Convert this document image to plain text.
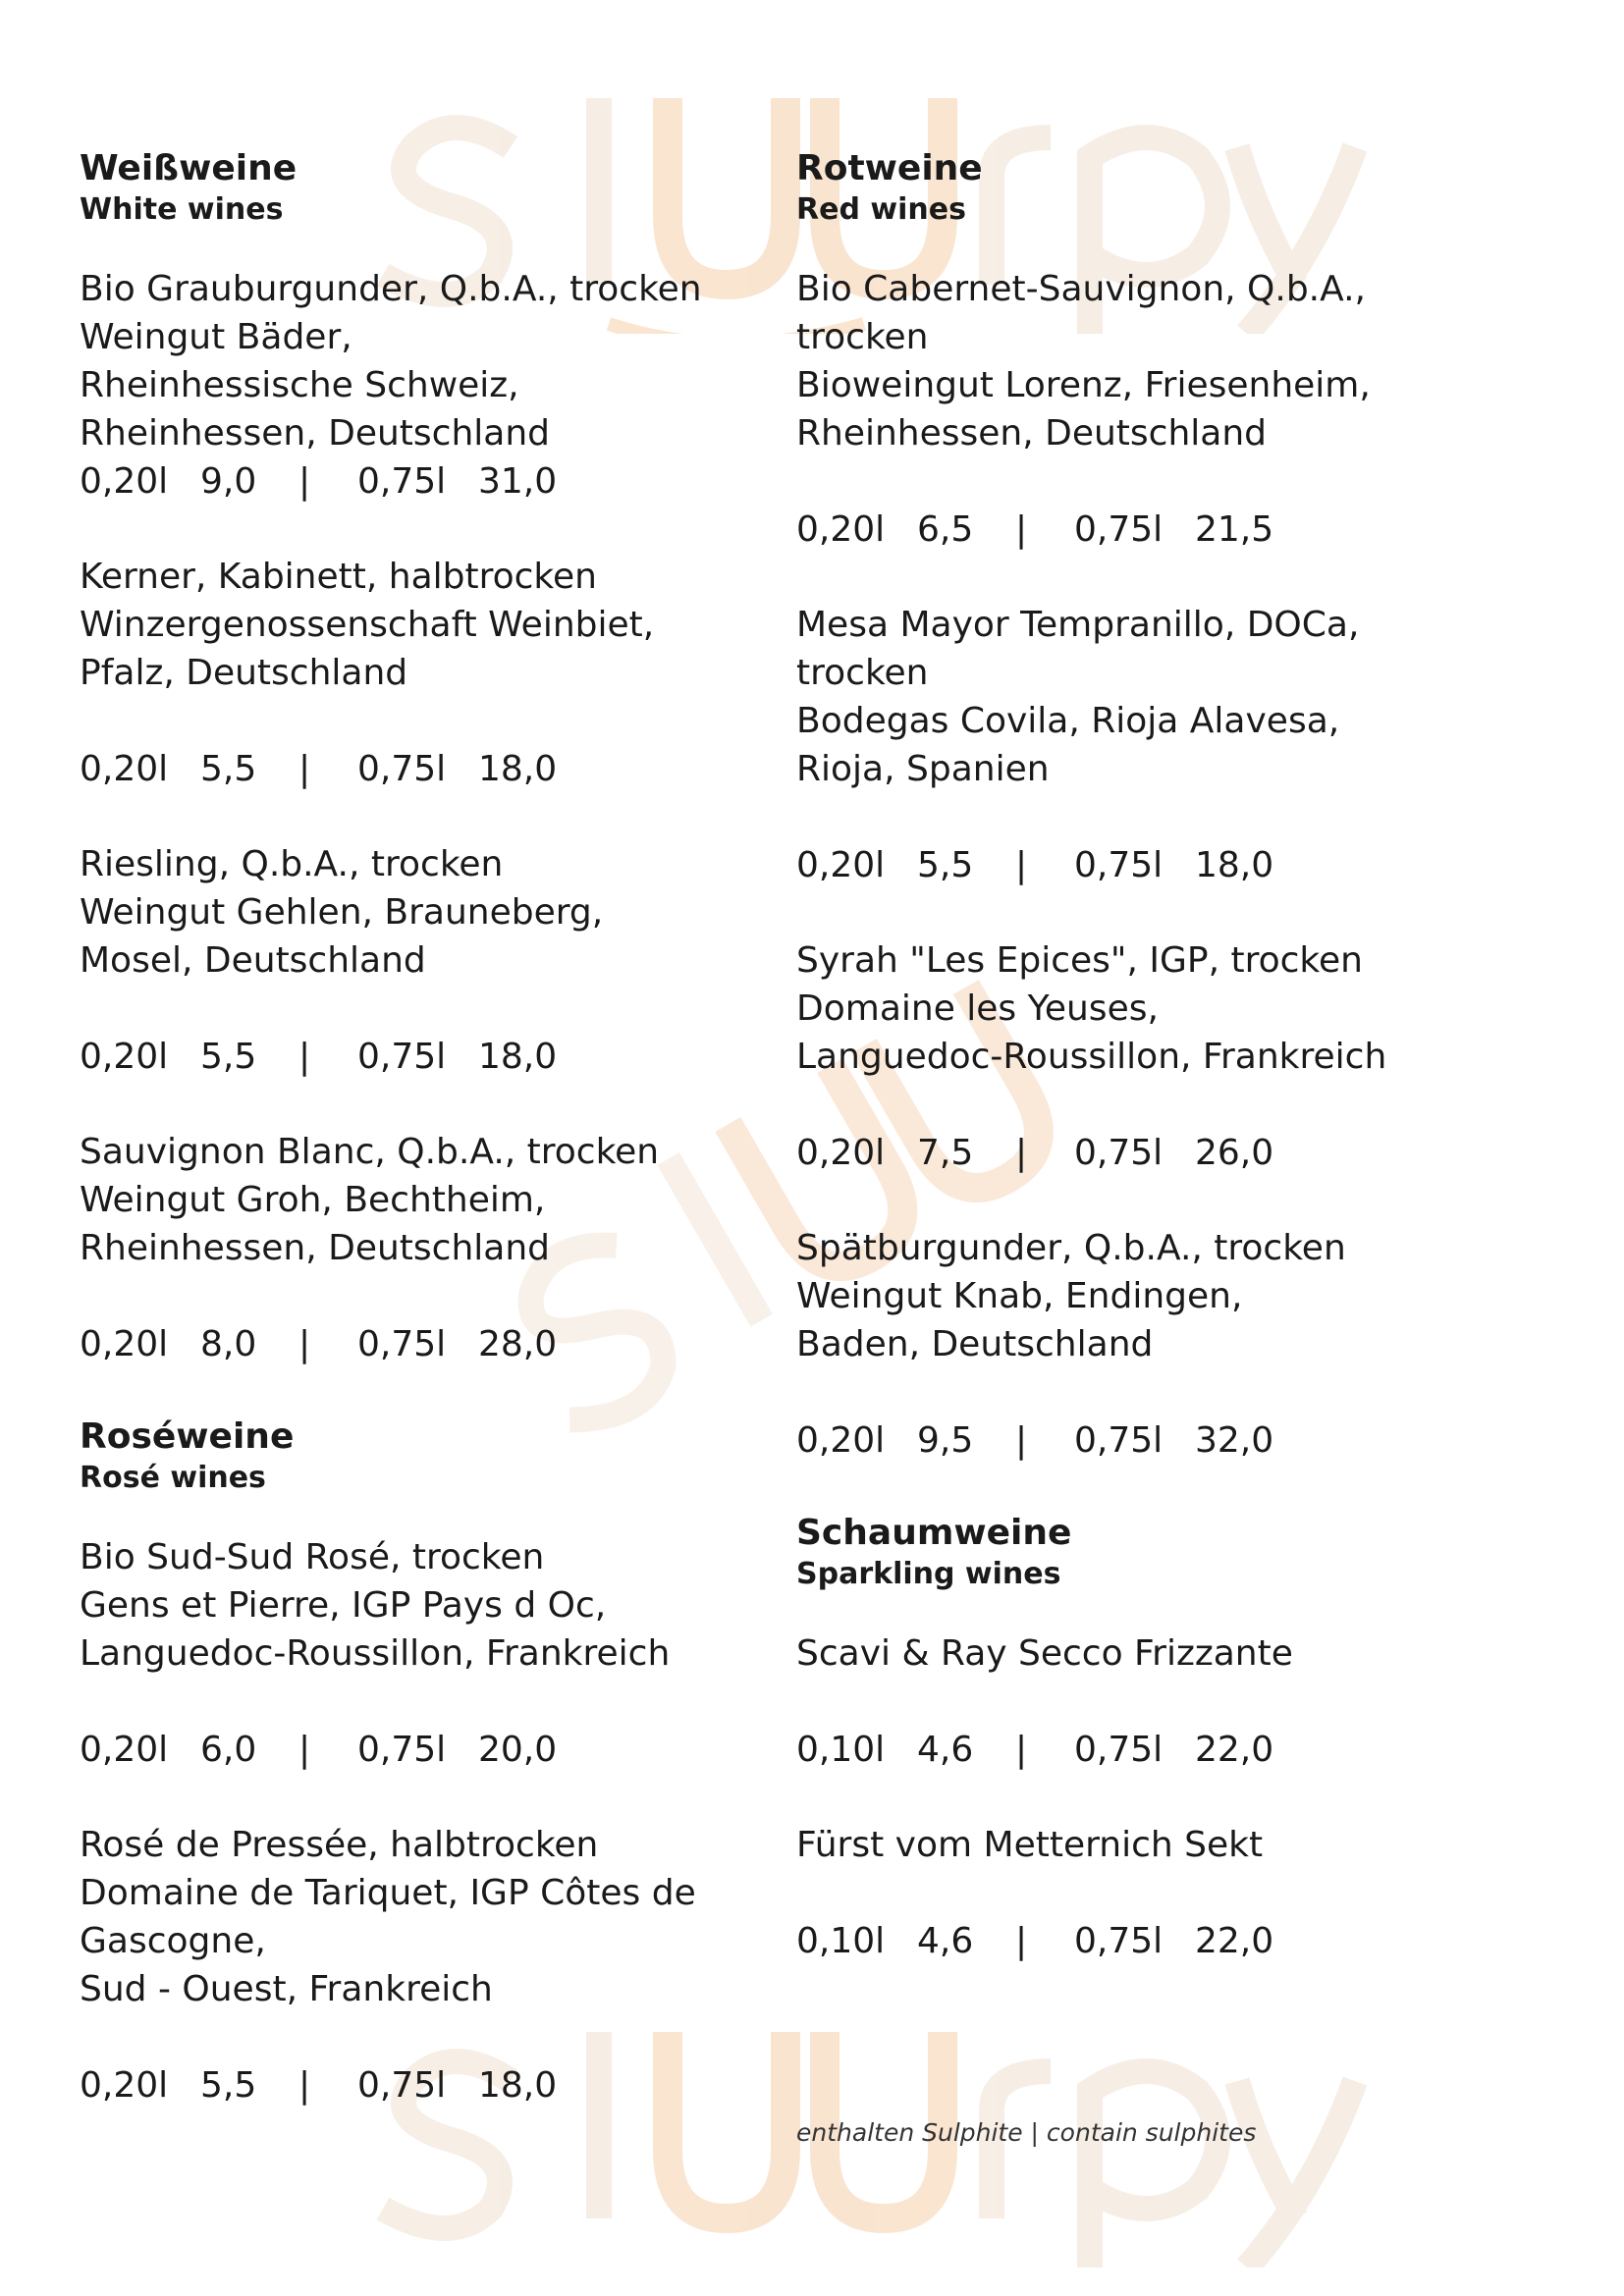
Weißweine
White wines
Bio Grauburgunder, Q.b.A., trocken
Weingut Bäder,
Rheinhessische Schweiz,
Rheinhessen, Deutschland
0,20l 9,0 | 0,75l 31,0
Kerner, Kabinett, halbtrocken
Winzergenossenschaft Weinbiet,
Pfalz, Deutschland
0,20l 5,5 | 0,75l 18,0
Riesling, Q.b.A., trocken
Weingut Gehlen, Brauneberg,
Mosel, Deutschland
0,20l 5,5 | 0,75l 18,0
Sauvignon Blanc, Q.b.A., trocken
Weingut Groh, Bechtheim,
Rheinhessen, Deutschland
0,20l 8,0 | 0,75l 28,0
Roséweine
Rosé wines
Bio Sud-Sud Rosé, trocken
Gens et Pierre, IGP Pays d Oc,
Languedoc-Roussillon, Frankreich
0,20l 6,0 | 0,75l 20,0
Rosé de Pressée, halbtrocken
Domaine de Tariquet, IGP Côtes de
Gascogne,
Sud - Ouest, Frankreich
0,20l 5,5 | 0,75l 18,0
Rotweine
Red wines
Bio Cabernet-Sauvignon, Q.b.A., trocken
Bioweingut Lorenz, Friesenheim,
Rheinhessen, Deutschland
0,20l 6,5 | 0,75l 21,5
Mesa Mayor Tempranillo, DOCa, trocken
Bodegas Covila, Rioja Alavesa,
Rioja, Spanien
0,20l 5,5 | 0,75l 18,0
Syrah "Les Epices", IGP, trocken
Domaine les Yeuses,
Languedoc-Roussillon, Frankreich
0,20l 7,5 | 0,75l 26,0
Spätburgunder, Q.b.A., trocken
Weingut Knab, Endingen,
Baden, Deutschland
0,20l 9,5 | 0,75l 32,0
Schaumweine
Sparkling wines
Scavi & Ray Secco Frizzante
0,10l 4,6 | 0,75l 22,0
Fürst vom Metternich Sekt
0,10l 4,6 | 0,75l 22,0
enthalten Sulphite | contain sulphites
